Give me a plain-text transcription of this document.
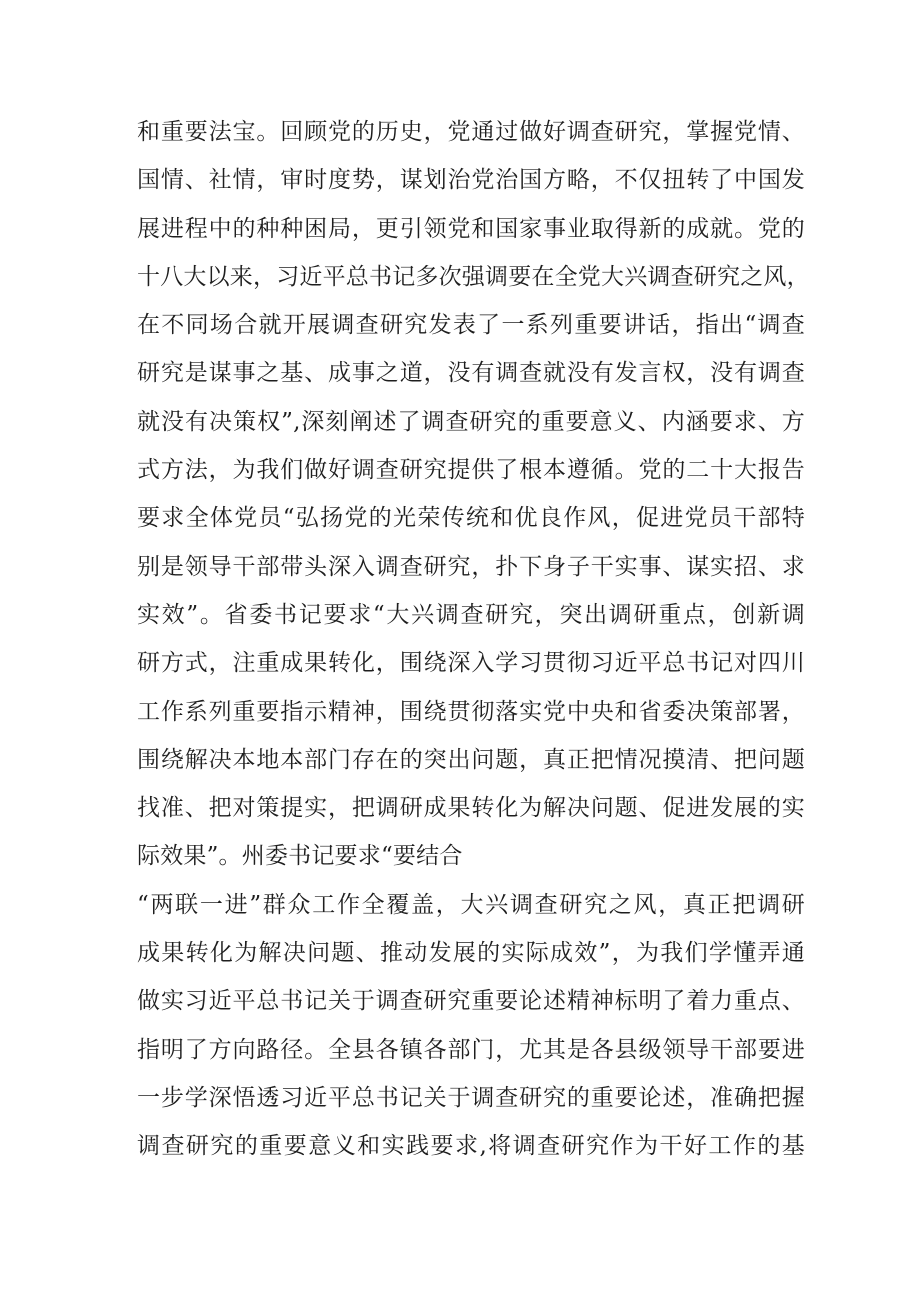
和重要法宝。回顾党的历史，党通过做好调查研究，掌握党情、
国情、社情，审时度势，谋划治党治国方略，不仅扭转了中国发
展进程中的种种困局，更引领党和国家事业取得新的成就。党的
十八大以来，习近平总书记多次强调要在全党大兴调查研究之风，
在不同场合就开展调查研究发表了一系列重要讲话，指出“调查
研究是谋事之基、成事之道，没有调查就没有发言权，没有调查
就没有决策权”,深刻阐述了调查研究的重要意义、内涵要求、方
式方法，为我们做好调查研究提供了根本遵循。党的二十大报告
要求全体党员“弘扬党的光荣传统和优良作风，促进党员干部特
别是领导干部带头深入调查研究，扑下身子干实事、谋实招、求
实效”。省委书记要求“大兴调查研究，突出调研重点，创新调
研方式，注重成果转化，围绕深入学习贯彻习近平总书记对四川
工作系列重要指示精神，围绕贯彻落实党中央和省委决策部署，
围绕解决本地本部门存在的突出问题，真正把情况摸清、把问题
找准、把对策提实，把调研成果转化为解决问题、促进发展的实
际效果”。州委书记要求“要结合
“两联一进”群众工作全覆盖，大兴调查研究之风，真正把调研
成果转化为解决问题、推动发展的实际成效”，为我们学懂弄通
做实习近平总书记关于调查研究重要论述精神标明了着力重点、
指明了方向路径。全县各镇各部门，尤其是各县级领导干部要进
一步学深悟透习近平总书记关于调查研究的重要论述，准确把握
调查研究的重要意义和实践要求,将调查研究作为干好工作的基
